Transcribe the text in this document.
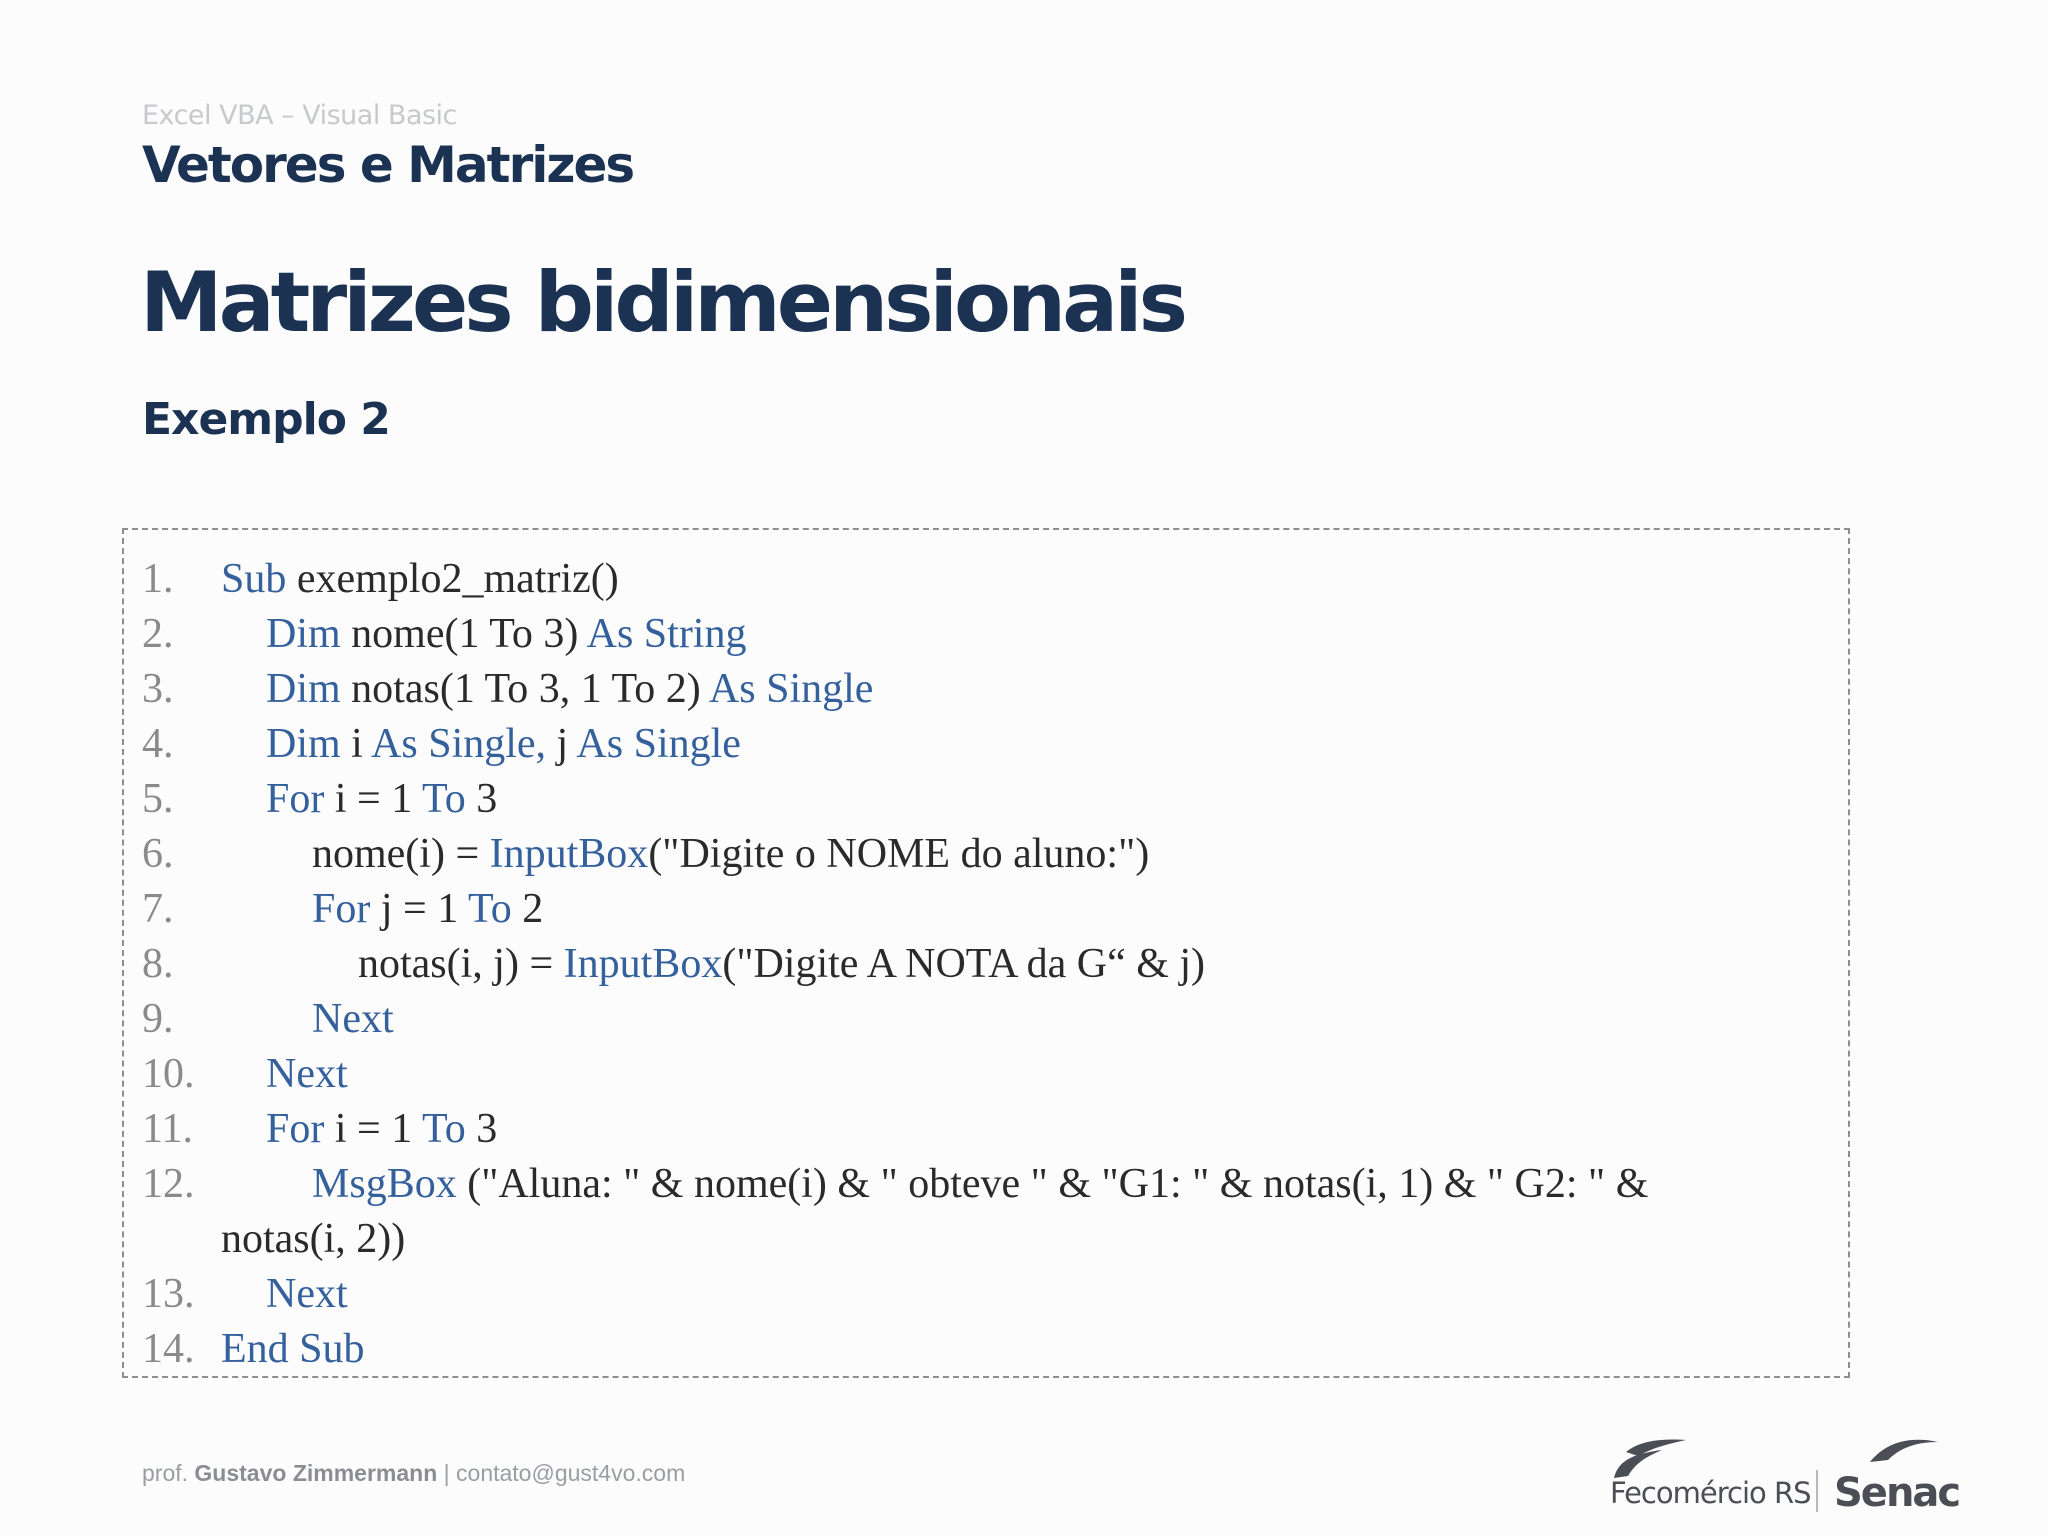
Excel VBA – Visual Basic
Vetores e Matrizes
Matrizes bidimensionais
Exemplo 2
1. Sub exemplo2_matriz()
2. Dim nome(1 To 3) As String
3. Dim notas(1 To 3, 1 To 2) As Single
4. Dim i As Single, j As Single
5. For i = 1 To 3
6.	nome(i) = InputBox("Digite o NOME do aluno:")
7.	For j = 1 To 2
8.	notas(i, j) = InputBox("Digite A NOTA da G“ & j)
9.	Next
10. Next
11. For i = 1 To 3
12.	MsgBox ("Aluna: " & nome(i) & " obteve " & "G1: " & notas(i, 1) & " G2: " &
notas(i, 2))
13. Next
14. End Sub
prof. Gustavo Zimmermann | contato@gust4vo.com
Fecomércio RS Senac
